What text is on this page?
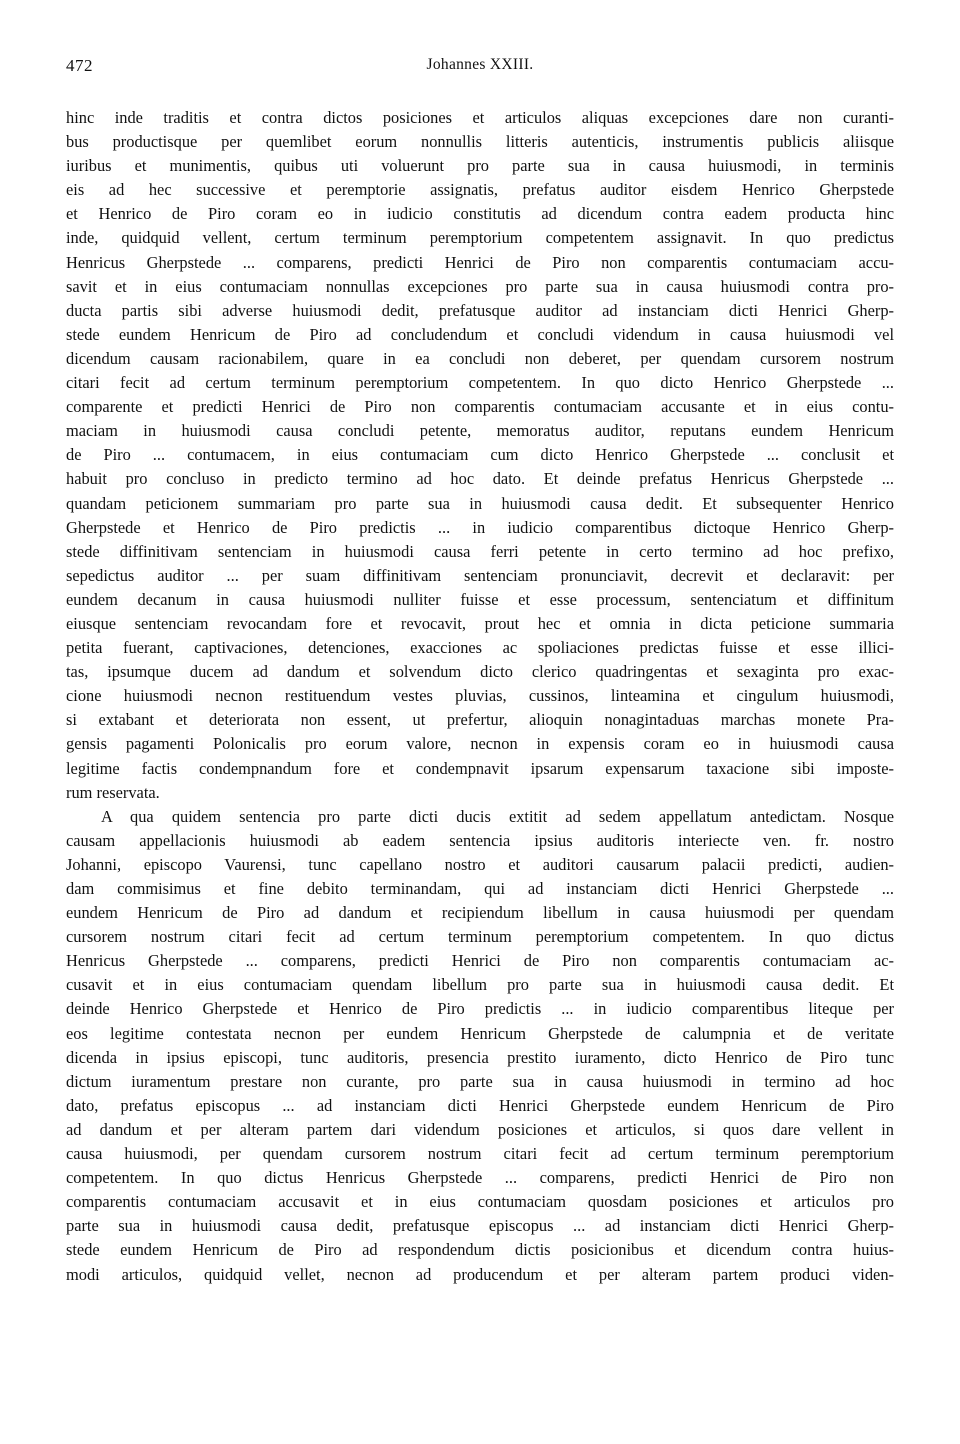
472	Johannes XXIII.
hinc inde traditis et contra dictos posiciones et articulos aliquas excepciones dare non curanti-
bus productisque per quemlibet eorum nonnullis litteris autenticis, instrumentis publicis aliisque
iuribus et munimentis, quibus uti voluerunt pro parte sua in causa huiusmodi, in terminis
eis ad hec successive et peremptorie assignatis, prefatus auditor eisdem Henrico Gherpstede
et Henrico de Piro coram eo in iudicio constitutis ad dicendum contra eadem producta hinc
inde, quidquid vellent, certum terminum peremptorium competentem assignavit. In quo predictus
Henricus Gherpstede ... comparens, predicti Henrici de Piro non comparentis contumaciam accu-
savit et in eius contumaciam nonnullas excepciones pro parte sua in causa huiusmodi contra pro-
ducta partis sibi adverse huiusmodi dedit, prefatusque auditor ad instanciam dicti Henrici Gherp-
stede eundem Henricum de Piro ad concludendum et concludi videndum in causa huiusmodi vel
dicendum causam racionabilem, quare in ea concludi non deberet, per quendam cursorem nostrum
citari fecit ad certum terminum peremptorium competentem. In quo dicto Henrico Gherpstede ...
comparente et predicti Henrici de Piro non comparentis contumaciam accusante et in eius contu-
maciam in huiusmodi causa concludi petente, memoratus auditor, reputans eundem Henricum
de Piro ... contumacem, in eius contumaciam cum dicto Henrico Gherpstede ... conclusit et
habuit pro concluso in predicto termino ad hoc dato. Et deinde prefatus Henricus Gherpstede ...
quandam peticionem summariam pro parte sua in huiusmodi causa dedit. Et subsequenter Henrico
Gherpstede et Henrico de Piro predictis ... in iudicio comparentibus dictoque Henrico Gherp-
stede diffinitivam sentenciam in huiusmodi causa ferri petente in certo termino ad hoc prefixo,
sepedictus auditor ... per suam diffinitivam sentenciam pronunciavit, decrevit et declaravit: per
eundem decanum in causa huiusmodi nulliter fuisse et esse processum, sentenciatum et diffinitum
eiusque sentenciam revocandam fore et revocavit, prout hec et omnia in dicta peticione summaria
petita fuerant, captivaciones, detenciones, exacciones ac spoliaciones predictas fuisse et esse illici-
tas, ipsumque ducem ad dandum et solvendum dicto clerico quadringentas et sexaginta pro exac-
cione huiusmodi necnon restituendum vestes pluvias, cussinos, linteamina et cingulum huiusmodi,
si extabant et deteriorata non essent, ut prefertur, alioquin nonagintaduas marchas monete Pra-
gensis pagamenti Polonicalis pro eorum valore, necnon in expensis coram eo in huiusmodi causa
legitime factis condempnandum fore et condempnavit ipsarum expensarum taxacione sibi imposte-
rum reservata.
A qua quidem sentencia pro parte dicti ducis extitit ad sedem appellatum antedictam. Nosque
causam appellacionis huiusmodi ab eadem sentencia ipsius auditoris interiecte ven. fr. nostro
Johanni, episcopo Vaurensi, tunc capellano nostro et auditori causarum palacii predicti, audien-
dam commisimus et fine debito terminandam, qui ad instanciam dicti Henrici Gherpstede ...
eundem Henricum de Piro ad dandum et recipiendum libellum in causa huiusmodi per quendam
cursorem nostrum citari fecit ad certum terminum peremptorium competentem. In quo dictus
Henricus Gherpstede ... comparens, predicti Henrici de Piro non comparentis contumaciam ac-
cusavit et in eius contumaciam quendam libellum pro parte sua in huiusmodi causa dedit. Et
deinde Henrico Gherpstede et Henrico de Piro predictis ... in iudicio comparentibus liteque per
eos legitime contestata necnon per eundem Henricum Gherpstede de calumpnia et de veritate
dicenda in ipsius episcopi, tunc auditoris, presencia prestito iuramento, dicto Henrico de Piro tunc
dictum iuramentum prestare non curante, pro parte sua in causa huiusmodi in termino ad hoc
dato, prefatus episcopus ... ad instanciam dicti Henrici Gherpstede eundem Henricum de Piro
ad dandum et per alteram partem dari videndum posiciones et articulos, si quos dare vellent in
causa huiusmodi, per quendam cursorem nostrum citari fecit ad certum terminum peremptorium
competentem. In quo dictus Henricus Gherpstede ... comparens, predicti Henrici de Piro non
comparentis contumaciam accusavit et in eius contumaciam quosdam posiciones et articulos pro
parte sua in huiusmodi causa dedit, prefatusque episcopus ... ad instanciam dicti Henrici Gherp-
stede eundem Henricum de Piro ad respondendum dictis posicionibus et dicendum contra huius-
modi articulos, quidquid vellet, necnon ad producendum et per alteram partem produci viden-
